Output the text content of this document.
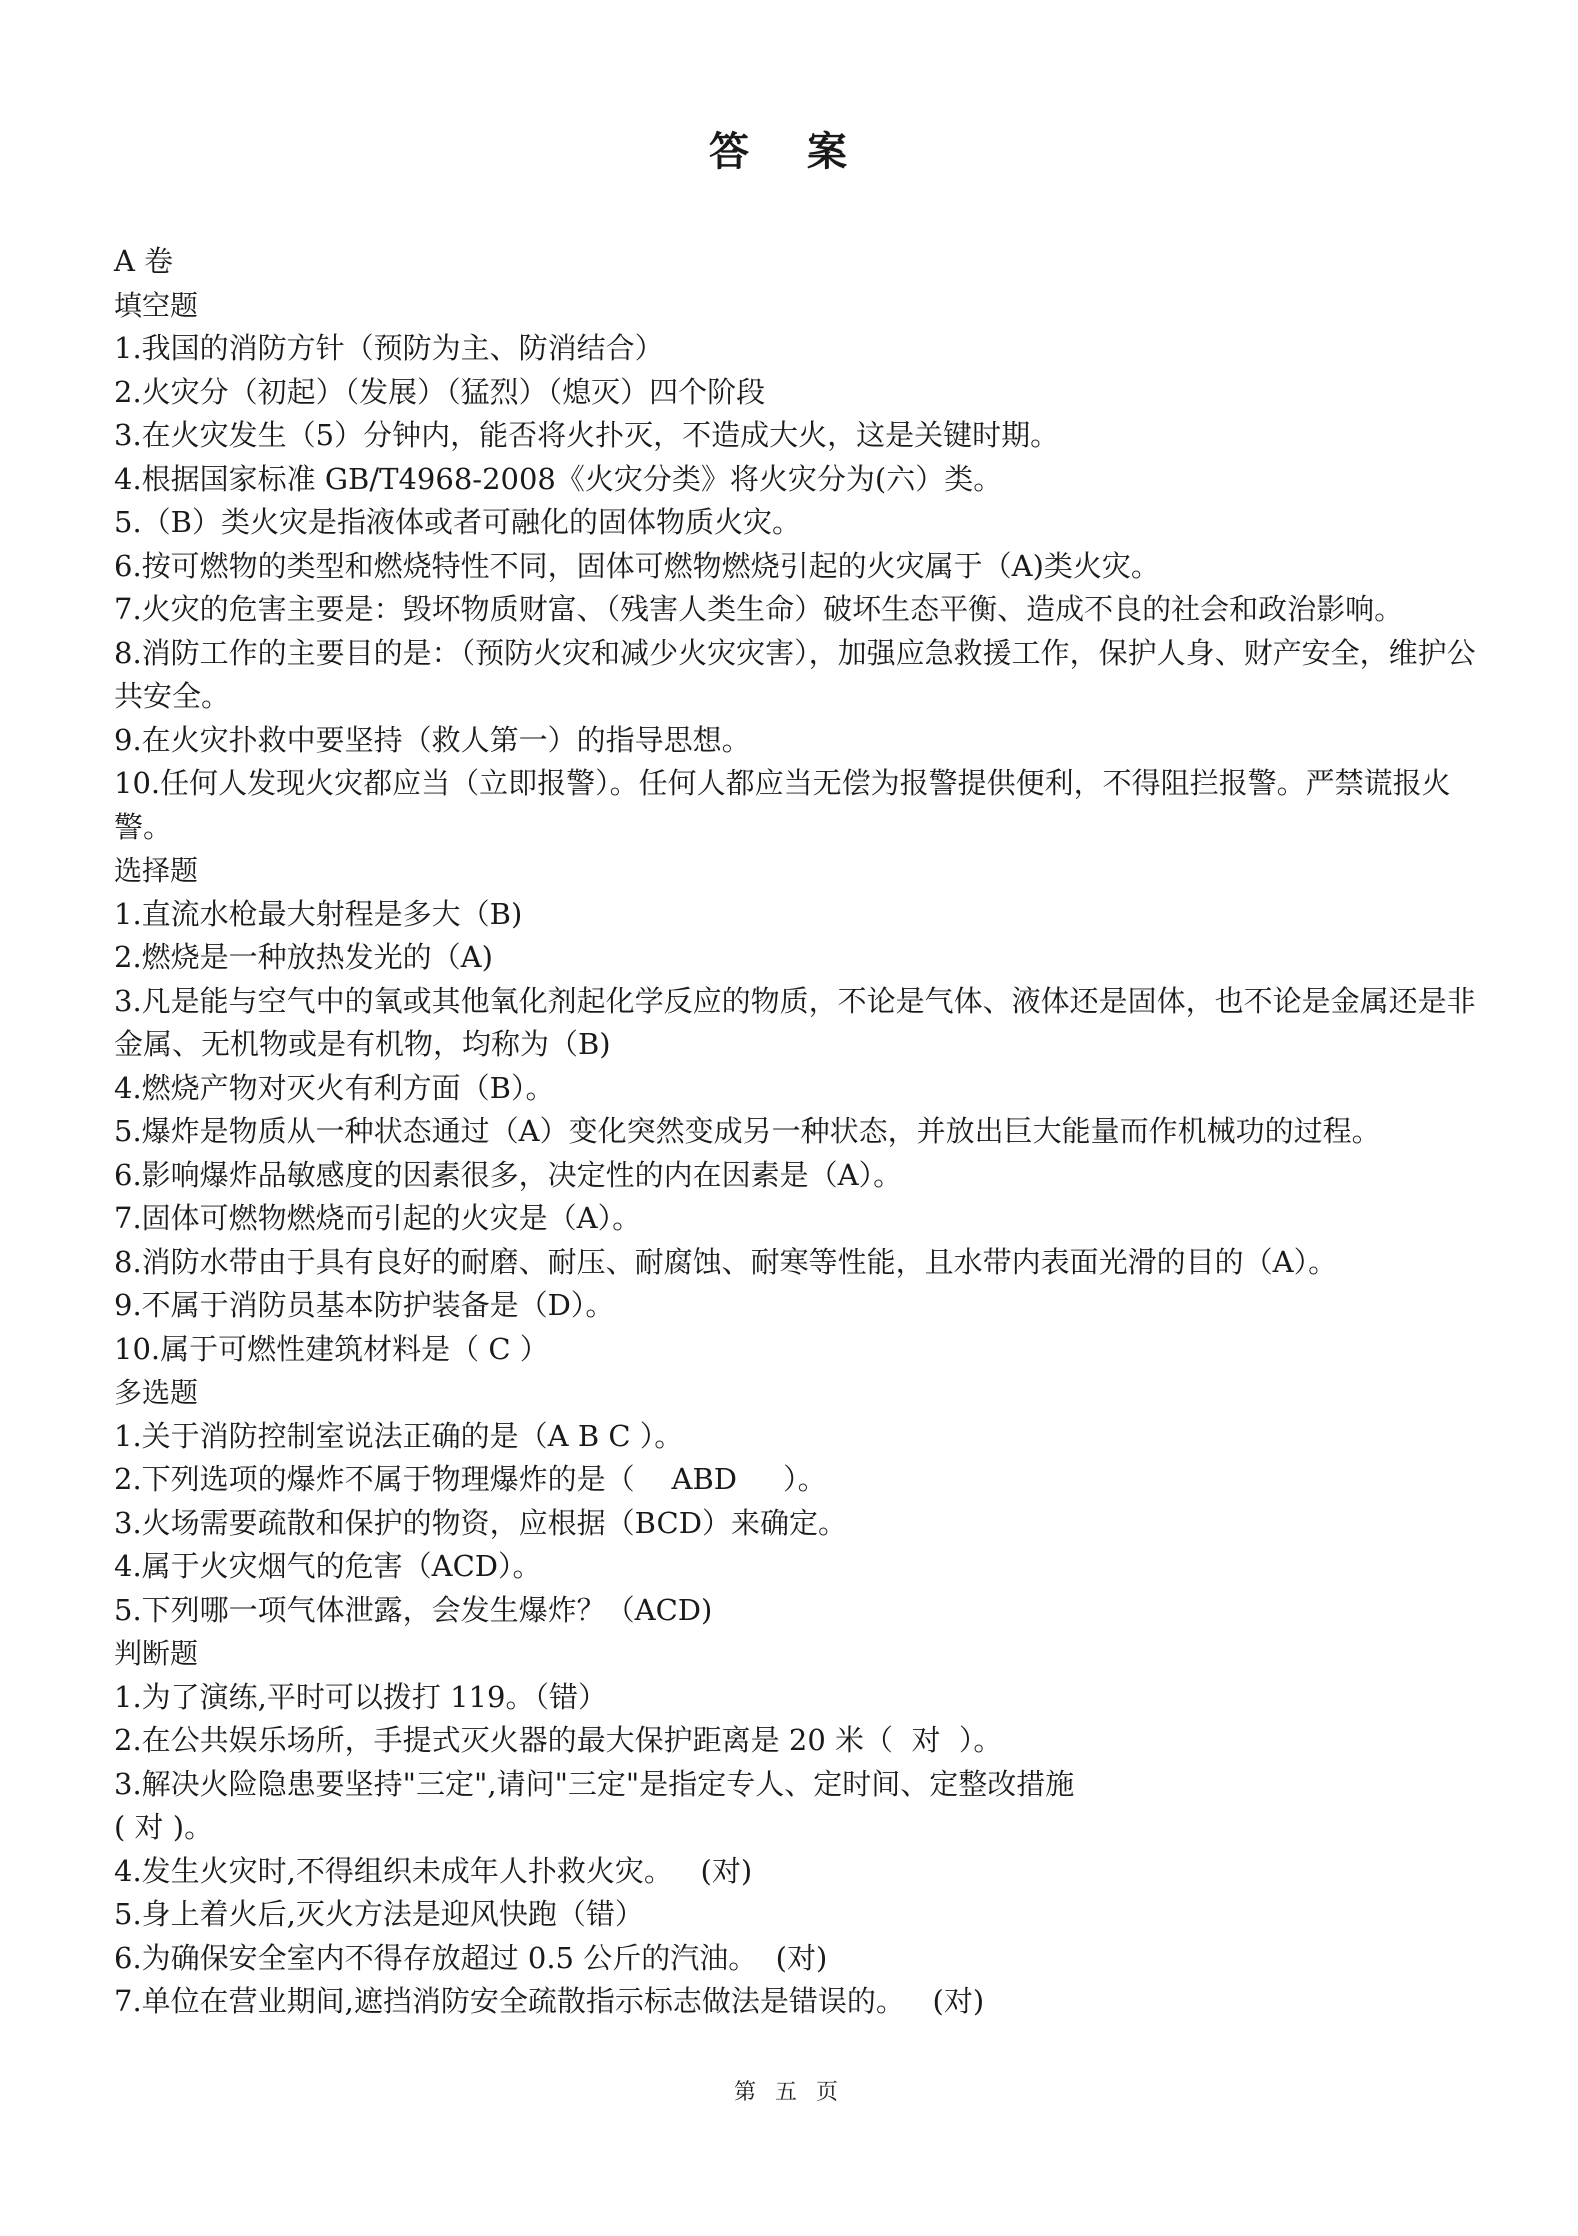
答 案
A 卷
填空题
1.我国的消防方针（预防为主、防消结合）
2.火灾分（初起）（发展）（猛烈）（熄灭）四个阶段
3.在火灾发生（5）分钟内，能否将火扑灭，不造成大火，这是关键时期。
4.根据国家标准 GB/T4968-2008《火灾分类》将火灾分为(六）类。
5.（B）类火灾是指液体或者可融化的固体物质火灾。
6.按可燃物的类型和燃烧特性不同，固体可燃物燃烧引起的火灾属于（A)类火灾。
7.火灾的危害主要是：毁坏物质财富、（残害人类生命）破坏生态平衡、造成不良的社会和政治影响。
8.消防工作的主要目的是：（预防火灾和减少火灾灾害），加强应急救援工作，保护人身、财产安全，维护公共安全。
9.在火灾扑救中要坚持（救人第一）的指导思想。
10.任何人发现火灾都应当（立即报警）。任何人都应当无偿为报警提供便利，不得阻拦报警。严禁谎报火警。
选择题
1.直流水枪最大射程是多大（B)
2.燃烧是一种放热发光的（A)
3.凡是能与空气中的氧或其他氧化剂起化学反应的物质，不论是气体、液体还是固体，也不论是金属还是非金属、无机物或是有机物，均称为（B)
4.燃烧产物对灭火有利方面（B）。
5.爆炸是物质从一种状态通过（A）变化突然变成另一种状态，并放出巨大能量而作机械功的过程。
6.影响爆炸品敏感度的因素很多，决定性的内在因素是（A）。
7.固体可燃物燃烧而引起的火灾是（A）。
8.消防水带由于具有良好的耐磨、耐压、耐腐蚀、耐寒等性能，且水带内表面光滑的目的（A）。
9.不属于消防员基本防护装备是（D）。
10.属于可燃性建筑材料是（ C ）
多选题
1.关于消防控制室说法正确的是（A B C ）。
2.下列选项的爆炸不属于物理爆炸的是（    ABD     ）。
3.火场需要疏散和保护的物资，应根据（BCD）来确定。
4.属于火灾烟气的危害（ACD）。
5.下列哪一项气体泄露，会发生爆炸？（ACD)
判断题
1.为了演练,平时可以拨打 119。（错）
2.在公共娱乐场所，手提式灭火器的最大保护距离是 20 米（  对  ）。
3.解决火险隐患要坚持"三定",请问"三定"是指定专人、定时间、定整改措施
( 对 )。
4.发生火灾时,不得组织未成年人扑救火灾。   (对)
5.身上着火后,灭火方法是迎风快跑（错）
6.为确保安全室内不得存放超过 0.5 公斤的汽油。  (对)
7.单位在营业期间,遮挡消防安全疏散指示标志做法是错误的。   (对)
第 五 页
